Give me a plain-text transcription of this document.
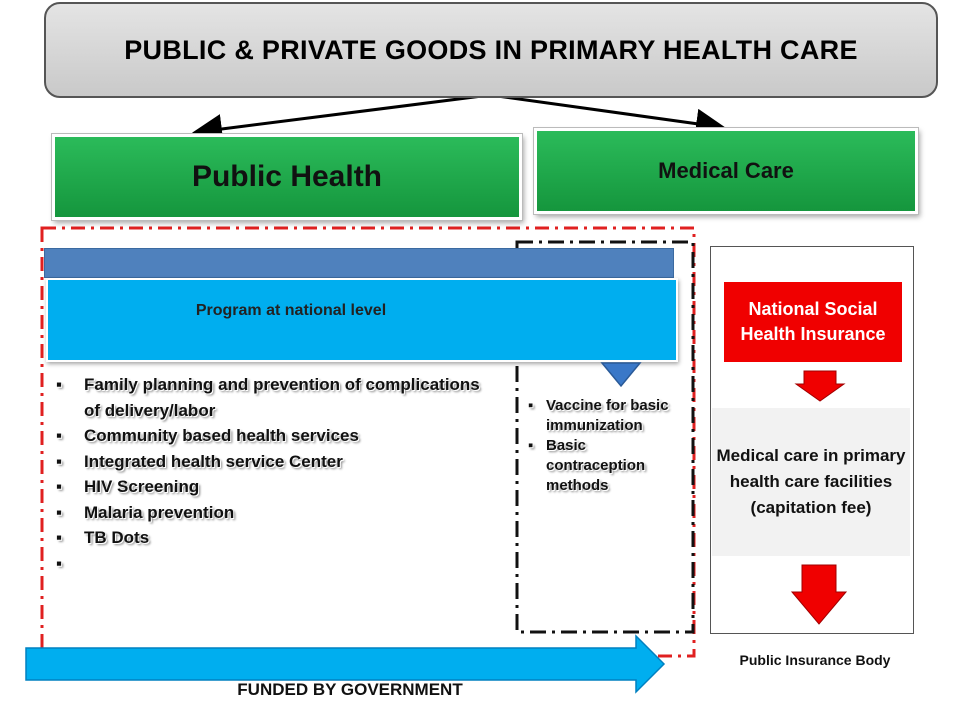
PUBLIC & PRIVATE GOODS IN PRIMARY HEALTH CARE
Public Health	Medical Care
Program at national level
▪ Family planning and prevention of complications of delivery/labor
▪ Community based health services
▪ Integrated health service Center
▪ HIV Screening
▪ Malaria prevention
▪ TB Dots
▪ Vaccine for basic immunization
▪ Basic contraception methods
National Social Health Insurance
Medical care in primary health care facilities (capitation fee)
Public Insurance Body
FUNDED BY GOVERNMENT
